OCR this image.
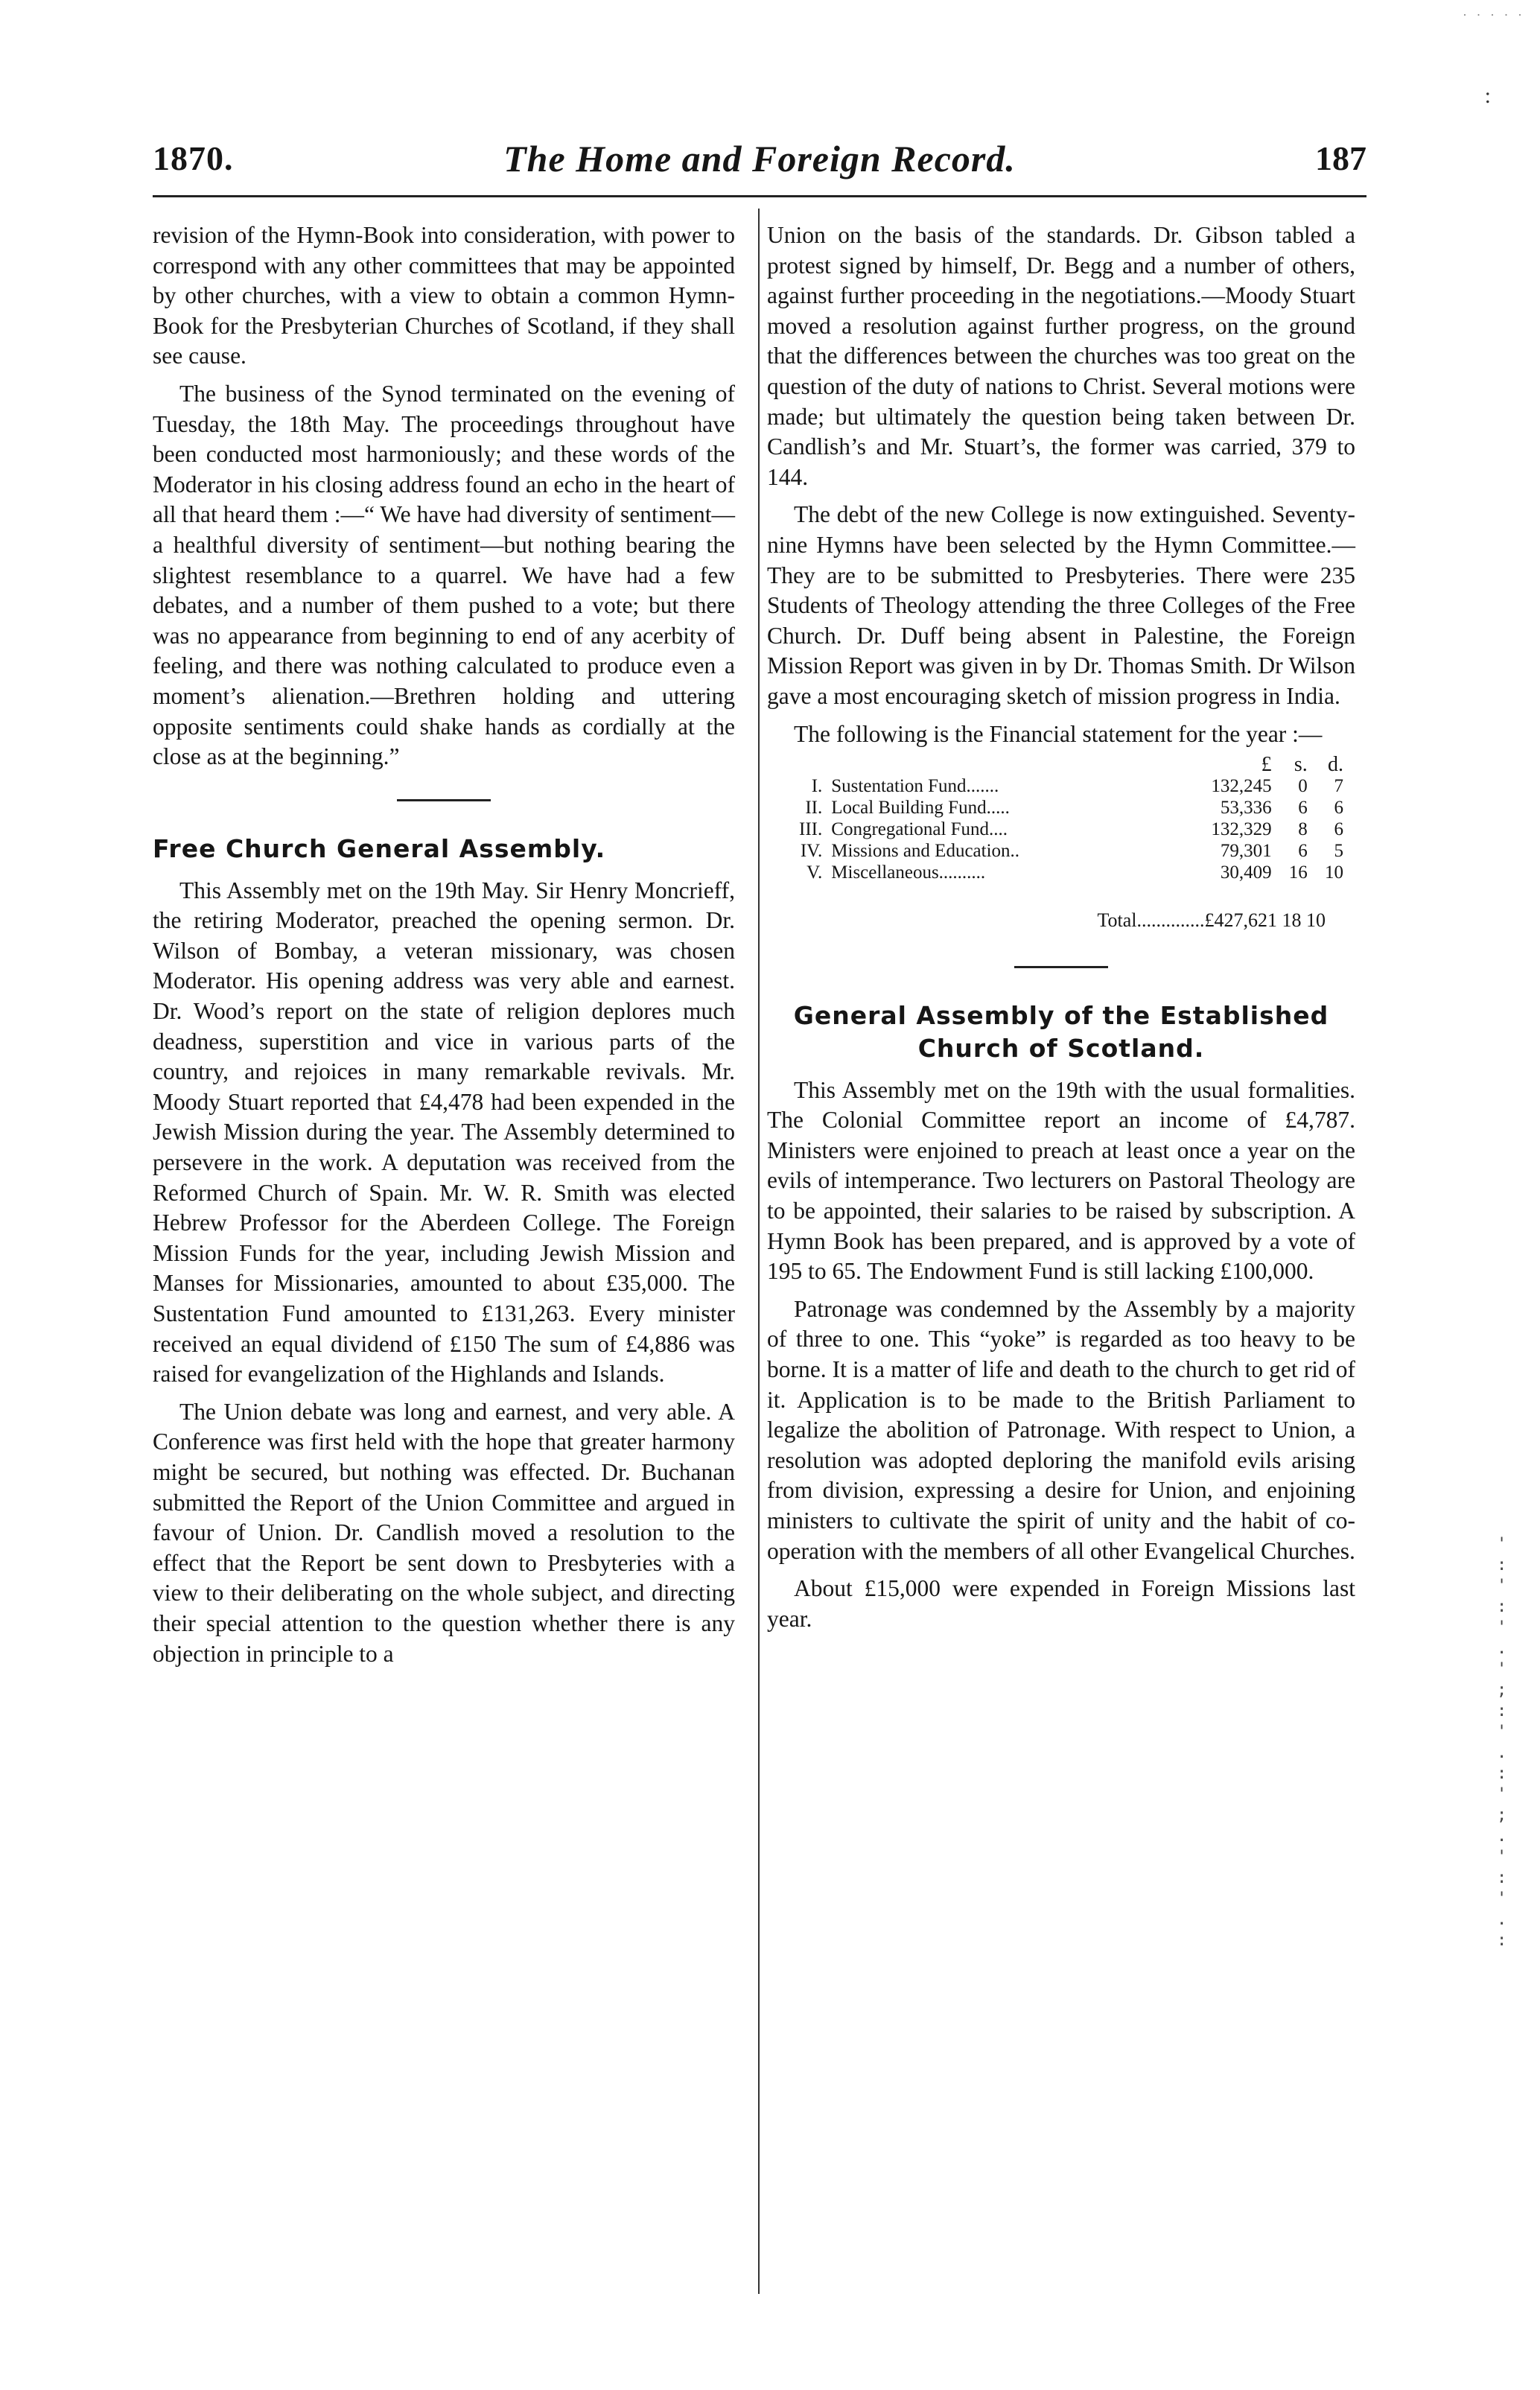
· · · · ·
:
1870.	The Home and Foreign Record.	187

revision of the Hymn-Book into consideration, with power to correspond with any other committees that may be appointed by other churches, with a view to obtain a common Hymn-Book for the Presbyterian Churches of Scotland, if they shall see cause.

The business of the Synod terminated on the evening of Tuesday, the 18th May. The proceedings throughout have been conducted most harmoniously; and these words of the Moderator in his closing address found an echo in the heart of all that heard them :—“ We have had diversity of sentiment—a healthful diversity of sentiment—but nothing bearing the slightest resemblance to a quarrel. We have had a few debates, and a number of them pushed to a vote; but there was no appearance from beginning to end of any acerbity of feeling, and there was nothing calculated to produce even a moment’s alienation.—Brethren holding and uttering opposite sentiments could shake hands as cordially at the close as at the beginning.”

Free Church General Assembly.

This Assembly met on the 19th May. Sir Henry Moncrieff, the retiring Moderator, preached the opening sermon. Dr. Wilson of Bombay, a veteran missionary, was chosen Moderator. His opening address was very able and earnest. Dr. Wood’s report on the state of religion deplores much deadness, superstition and vice in various parts of the country, and rejoices in many remarkable revivals. Mr. Moody Stuart reported that £4,478 had been expended in the Jewish Mission during the year. The Assembly determined to persevere in the work. A deputation was received from the Reformed Church of Spain. Mr. W. R. Smith was elected Hebrew Professor for the Aberdeen College. The Foreign Mission Funds for the year, including Jewish Mission and Manses for Missionaries, amounted to about £35,000. The Sustentation Fund amounted to £131,263. Every minister received an equal dividend of £150 The sum of £4,886 was raised for evangelization of the Highlands and Islands.

The Union debate was long and earnest, and very able. A Conference was first held with the hope that greater harmony might be secured, but nothing was effected. Dr. Buchanan submitted the Report of the Union Committee and argued in favour of Union. Dr. Candlish moved a resolution to the effect that the Report be sent down to Presbyteries with a view to their deliberating on the whole subject, and directing their special attention to the question whether there is any objection in principle to a

Union on the basis of the standards. Dr. Gibson tabled a protest signed by himself, Dr. Begg and a number of others, against further proceeding in the negotiations.—Moody Stuart moved a resolution against further progress, on the ground that the differences between the churches was too great on the question of the duty of nations to Christ. Several motions were made; but ultimately the question being taken between Dr. Candlish’s and Mr. Stuart’s, the former was carried, 379 to 144.

The debt of the new College is now extinguished. Seventy-nine Hymns have been selected by the Hymn Committee.—They are to be submitted to Presbyteries. There were 235 Students of Theology attending the three Colleges of the Free Church. Dr. Duff being absent in Palestine, the Foreign Mission Report was given in by Dr. Thomas Smith. Dr Wilson gave a most encouraging sketch of mission progress in India.

The following is the Financial statement for the year :—

		£	s.	d.
I.	Sustentation Fund.......	132,245	0	7
II.	Local Building Fund.....	53,336	6	6
III.	Congregational Fund....	132,329	8	6
IV.	Missions and Education..	79,301	6	5
V.	Miscellaneous..........	30,409	16	10
Total..............£427,621 18 10
General Assembly of the Established Church of Scotland.

This Assembly met on the 19th with the usual formalities. The Colonial Committee report an income of £4,787. Ministers were enjoined to preach at least once a year on the evils of intemperance. Two lecturers on Pastoral Theology are to be appointed, their salaries to be raised by subscription. A Hymn Book has been prepared, and is approved by a vote of 195 to 65. The Endowment Fund is still lacking £100,000.

Patronage was condemned by the Assembly by a majority of three to one. This “yoke” is regarded as too heavy to be borne. It is a matter of life and death to the church to get rid of it. Application is to be made to the British Parliament to legalize the abolition of Patronage. With respect to Union, a resolution was adopted deploring the manifold evils arising from division, expressing a desire for Union, and enjoining ministers to cultivate the spirit of unity and the habit of co-operation with the members of all other Evangelical Churches.

About £15,000 were expended in Foreign Missions last year.

'
:
'
:
'
.
'
;
:
'
.
:
'
;
.
'
:
'
.
:
